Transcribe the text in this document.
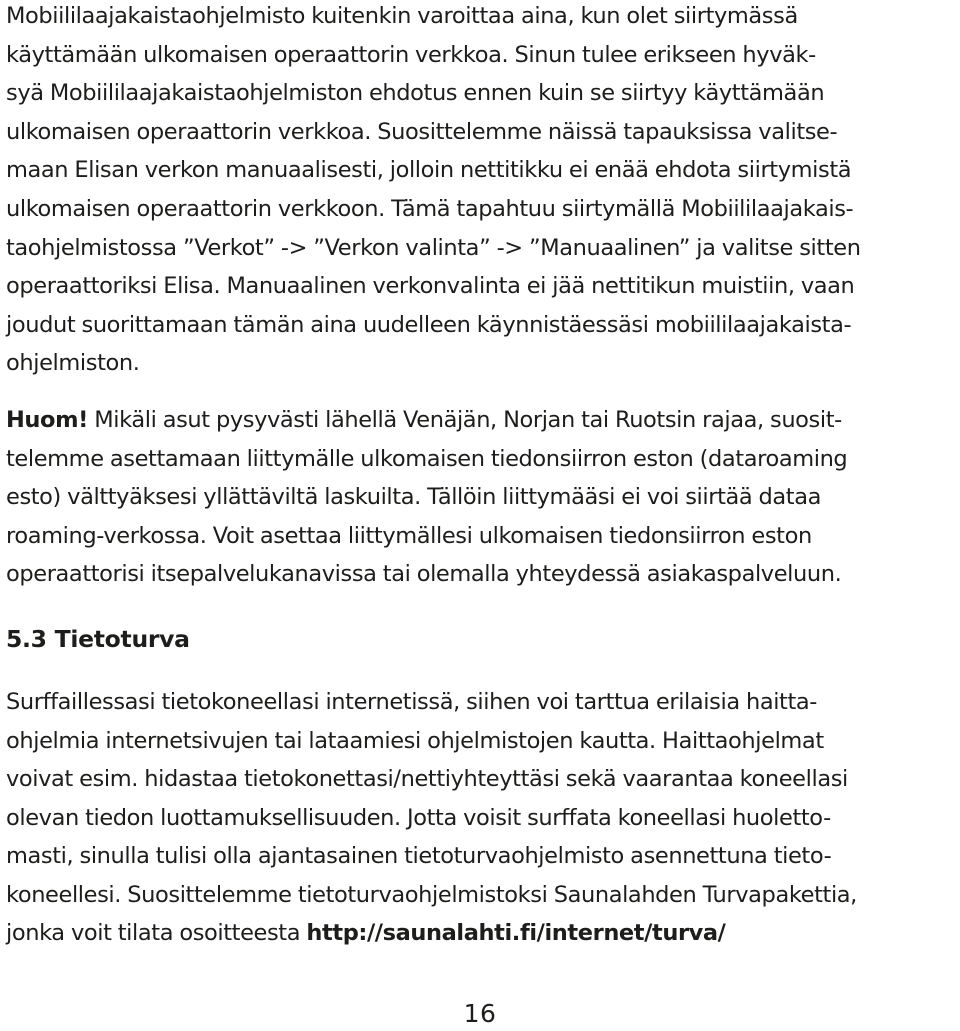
Mobiililaajakaistaohjelmisto kuitenkin varoittaa aina, kun olet siirtymässä
käyttämään ulkomaisen operaattorin verkkoa. Sinun tulee erikseen hyväk-
syä Mobiililaajakaistaohjelmiston ehdotus ennen kuin se siirtyy käyttämään
ulkomaisen operaattorin verkkoa. Suosittelemme näissä tapauksissa valitse-
maan Elisan verkon manuaalisesti, jolloin nettitikku ei enää ehdota siirtymistä
ulkomaisen operaattorin verkkoon. Tämä tapahtuu siirtymällä Mobiililaajakais-
taohjelmistossa ”Verkot” -> ”Verkon valinta” -> ”Manuaalinen” ja valitse sitten
operaattoriksi Elisa. Manuaalinen verkonvalinta ei jää nettitikun muistiin, vaan
joudut suorittamaan tämän aina uudelleen käynnistäessäsi mobiililaajakaista-
ohjelmiston.

Huom! Mikäli asut pysyvästi lähellä Venäjän, Norjan tai Ruotsin rajaa, suosit-
telemme asettamaan liittymälle ulkomaisen tiedonsiirron eston (dataroaming
esto) välttyäksesi yllättäviltä laskuilta. Tällöin liittymääsi ei voi siirtää dataa
roaming-verkossa. Voit asettaa liittymällesi ulkomaisen tiedonsiirron eston
operaattorisi itsepalvelukanavissa tai olemalla yhteydessä asiakaspalveluun.

5.3 Tietoturva

Surffaillessasi tietokoneellasi internetissä, siihen voi tarttua erilaisia haitta-
ohjelmia internetsivujen tai lataamiesi ohjelmistojen kautta. Haittaohjelmat
voivat esim. hidastaa tietokonettasi/nettiyhteyttäsi sekä vaarantaa koneellasi
olevan tiedon luottamuksellisuuden. Jotta voisit surffata koneellasi huoletto-
masti, sinulla tulisi olla ajantasainen tietoturvaohjelmisto asennettuna tieto-
koneellesi. Suosittelemme tietoturvaohjelmistoksi Saunalahden Turvapakettia,
jonka voit tilata osoitteesta http://saunalahti.fi/internet/turva/

16
